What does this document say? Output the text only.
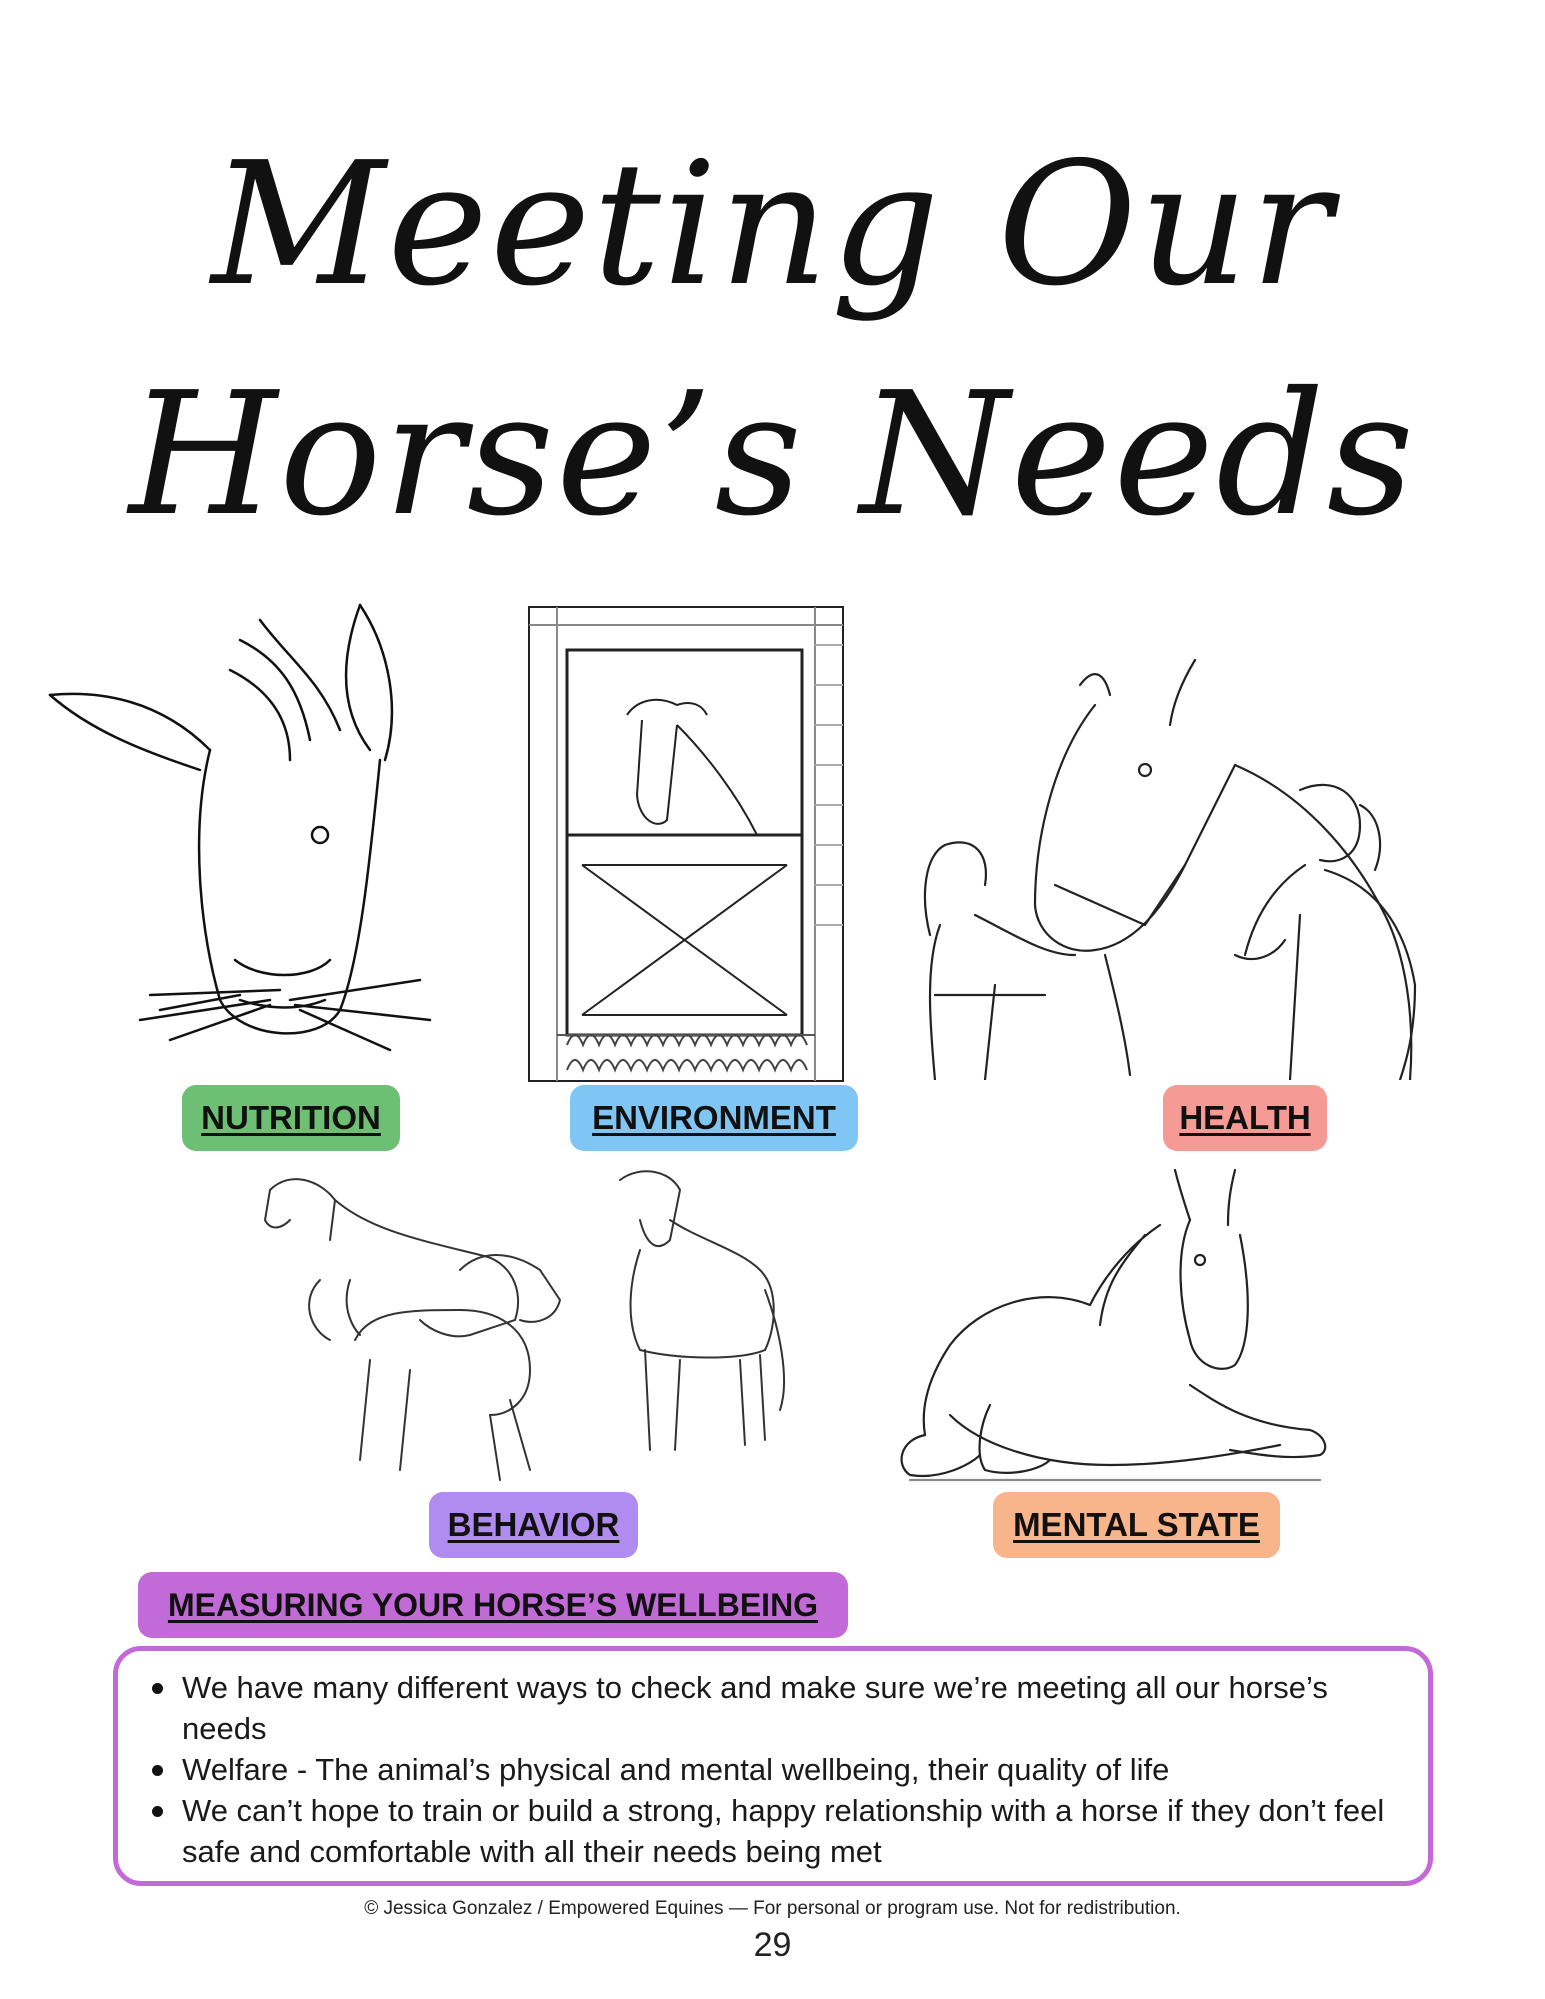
Meeting Our
Horse’s Needs
NUTRITION	ENVIRONMENT	HEALTH
BEHAVIOR	MENTAL STATE
We have many different ways to check and make sure we’re meeting all our horse’s needs
Welfare - The animal’s physical and mental wellbeing, their quality of life
We can’t hope to train or build a strong, happy relationship with a horse if they don’t feel safe and comfortable with all their needs being met
MEASURING YOUR HORSE’S WELLBEING
© Jessica Gonzalez / Empowered Equines — For personal or program use. Not for redistribution.
29
